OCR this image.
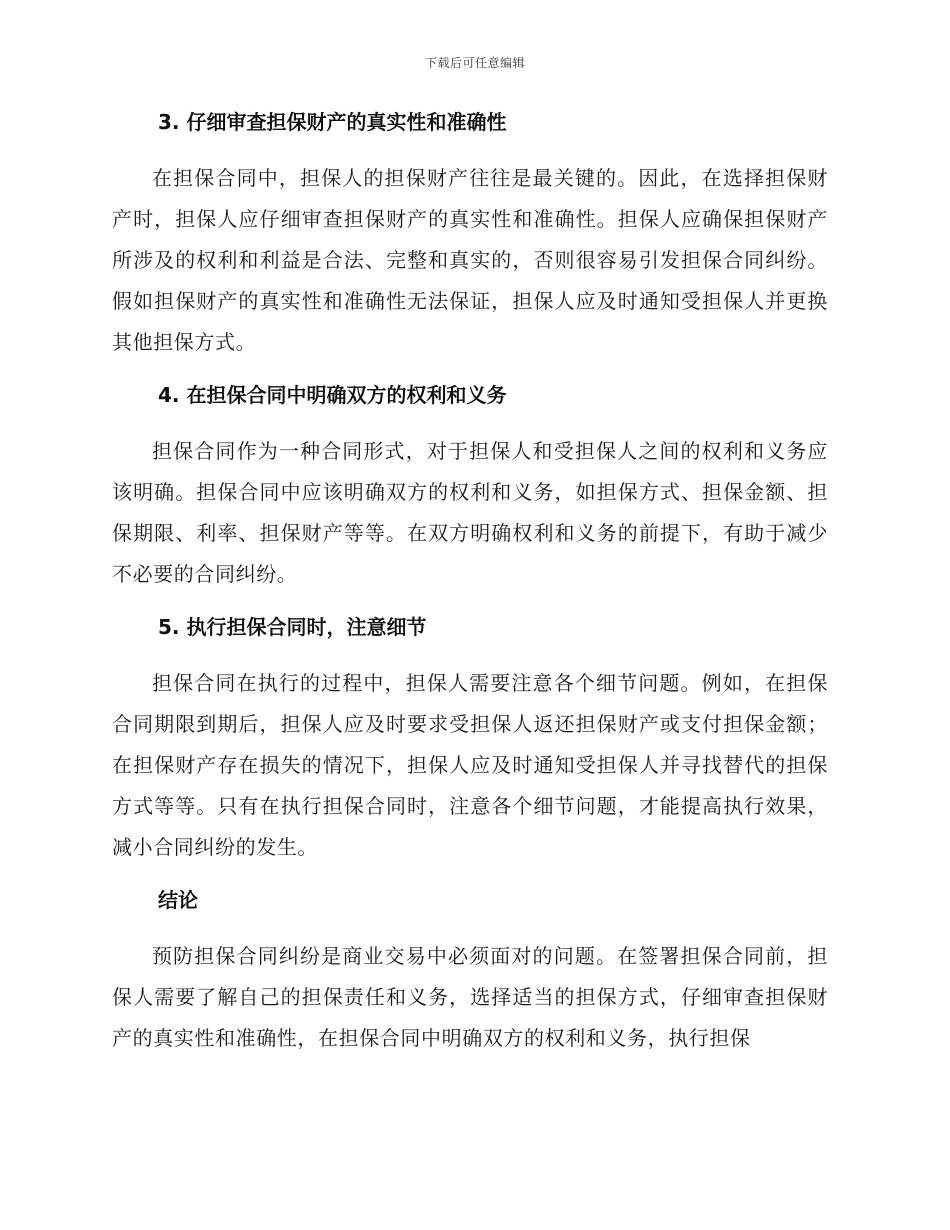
下载后可任意编辑
3. 仔细审查担保财产的真实性和准确性

在担保合同中，担保人的担保财产往往是最关键的。因此，在选择担保财产时，担保人应仔细审查担保财产的真实性和准确性。担保人应确保担保财产所涉及的权利和利益是合法、完整和真实的，否则很容易引发担保合同纠纷。假如担保财产的真实性和准确性无法保证，担保人应及时通知受担保人并更换其他担保方式。

4. 在担保合同中明确双方的权利和义务

担保合同作为一种合同形式，对于担保人和受担保人之间的权利和义务应该明确。担保合同中应该明确双方的权利和义务，如担保方式、担保金额、担保期限、利率、担保财产等等。在双方明确权利和义务的前提下，有助于减少不必要的合同纠纷。

5. 执行担保合同时，注意细节

担保合同在执行的过程中，担保人需要注意各个细节问题。例如，在担保合同期限到期后，担保人应及时要求受担保人返还担保财产或支付担保金额；在担保财产存在损失的情况下，担保人应及时通知受担保人并寻找替代的担保方式等等。只有在执行担保合同时，注意各个细节问题，才能提高执行效果，减小合同纠纷的发生。

结论

预防担保合同纠纷是商业交易中必须面对的问题。在签署担保合同前，担保人需要了解自己的担保责任和义务，选择适当的担保方式，仔细审查担保财产的真实性和准确性，在担保合同中明确双方的权利和义务，执行担保
